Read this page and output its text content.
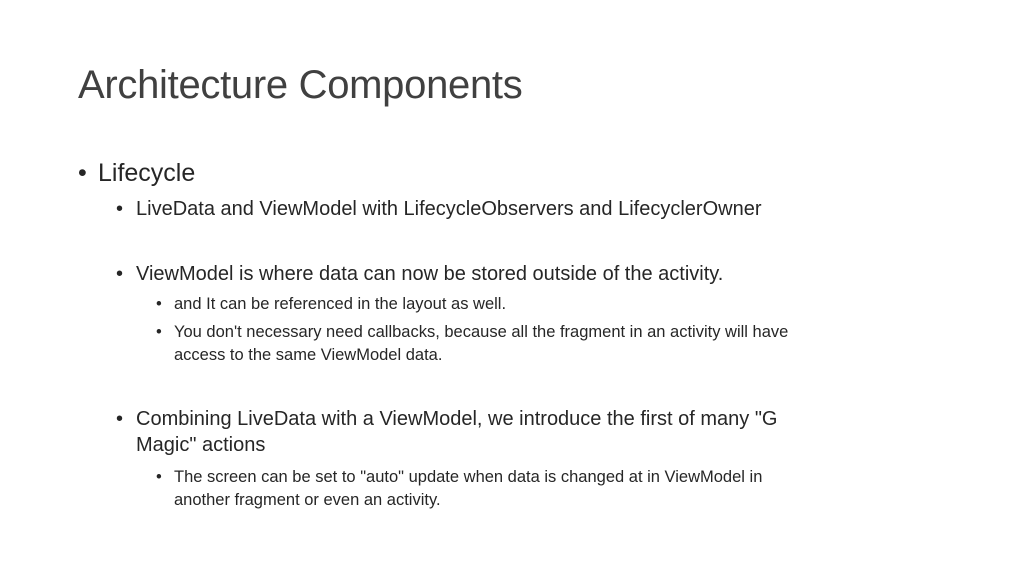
Architecture Components
• Lifecycle
• LiveData and ViewModel with LifecycleObservers and LifecyclerOwner
• ViewModel is where data can now be stored outside of the activity.
• and It can be referenced in the layout as well.
• You don't necessary need callbacks, because all the fragment in an activity will have
access to the same ViewModel data.
• Combining LiveData with a ViewModel, we introduce the first of many "G
Magic" actions
• The screen can be set to "auto" update when data is changed at in ViewModel in
another fragment or even an activity.
